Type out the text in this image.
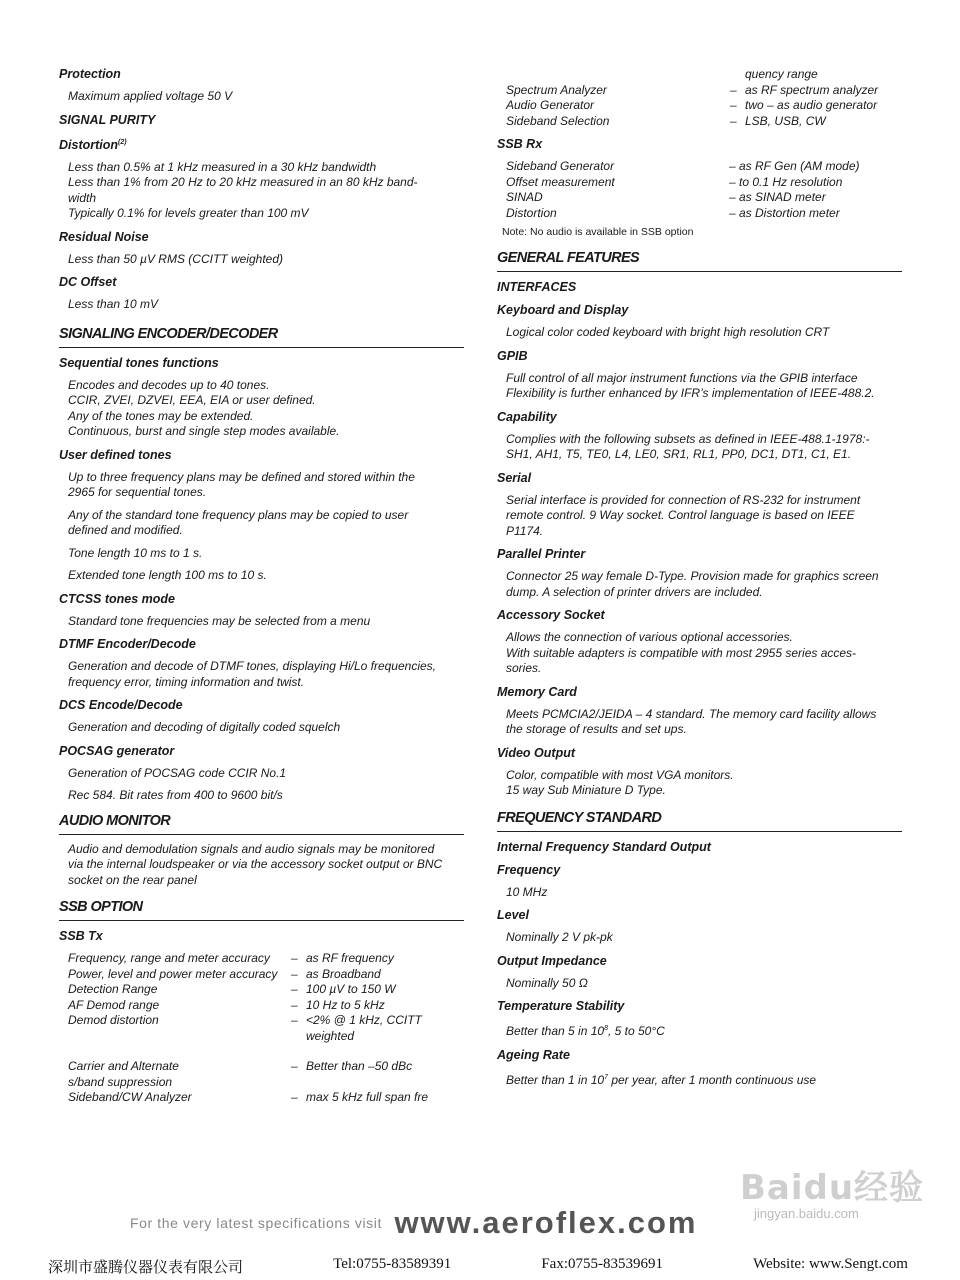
Protection

Maximum applied voltage 50 V

SIGNAL PURITY

Distortion$^{(2)}$

Less than 0.5% at 1 kHz measured in a 30 kHz bandwidth
Less than 1% from 20 Hz to 20 kHz measured in an 80 kHz band-
width
Typically 0.1% for levels greater than 100 mV

Residual Noise

Less than 50 µV RMS (CCITT weighted)

DC Offset

Less than 10 mV

SIGNALING ENCODER/DECODER

Sequential tones functions

Encodes and decodes up to 40 tones.
CCIR, ZVEI, DZVEI, EEA, EIA or user defined.
Any of the tones may be extended.
Continuous, burst and single step modes available.

User defined tones

Up to three frequency plans may be defined and stored within the
2965 for sequential tones.

Any of the standard tone frequency plans may be copied to user
defined and modified.

Tone length 10 ms to 1 s.

Extended tone length 100 ms to 10 s.

CTCSS tones mode

Standard tone frequencies may be selected from a menu

DTMF Encoder/Decode

Generation and decode of DTMF tones, displaying Hi/Lo frequencies,
frequency error, timing information and twist.

DCS Encode/Decode

Generation and decoding of digitally coded squelch

POCSAG generator

Generation of POCSAG code CCIR No.1

Rec 584. Bit rates from 400 to 9600 bit/s

AUDIO MONITOR

Audio and demodulation signals and audio signals may be monitored
via the internal loudspeaker or via the accessory socket output or BNC
socket on the rear panel

SSB OPTION

SSB Tx

Frequency, range and meter accuracy	– as RF frequency
Power, level and power meter accuracy	– as Broadband
Detection Range	– 100 µV to 150 W
AF Demod range	– 10 Hz to 5 kHz
Demod distortion	– <2% @ 1 kHz, CCITT
weighted
Carrier and Alternate	– Better than –50 dBc
s/band suppression
Sideband/CW Analyzer	– max 5 kHz full span fre
quency range
Spectrum Analyzer	– as RF spectrum analyzer
Audio Generator	– two – as audio generator
Sideband Selection	– LSB, USB, CW

SSB Rx

Sideband Generator	– as RF Gen (AM mode)
Offset measurement	– to 0.1 Hz resolution
SINAD	– as SINAD meter
Distortion	– as Distortion meter
Note: No audio is available in SSB option
GENERAL FEATURES

INTERFACES

Keyboard and Display

Logical color coded keyboard with bright high resolution CRT

GPIB

Full control of all major instrument functions via the GPIB interface
Flexibility is further enhanced by IFR’s implementation of IEEE-488.2.

Capability

Complies with the following subsets as defined in IEEE-488.1-1978:-
SH1, AH1, T5, TE0, L4, LE0, SR1, RL1, PP0, DC1, DT1, C1, E1.

Serial

Serial interface is provided for connection of RS-232 for instrument
remote control. 9 Way socket. Control language is based on IEEE
P1174.

Parallel Printer

Connector 25 way female D-Type. Provision made for graphics screen
dump. A selection of printer drivers are included.

Accessory Socket

Allows the connection of various optional accessories.
With suitable adapters is compatible with most 2955 series acces-
sories.

Memory Card

Meets PCMCIA2/JEIDA – 4 standard. The memory card facility allows
the storage of results and set ups.

Video Output

Color, compatible with most VGA monitors.
15 way Sub Miniature D Type.

FREQUENCY STANDARD

Internal Frequency Standard Output

Frequency

10 MHz

Level

Nominally 2 V pk-pk

Output Impedance

Nominally 50 Ω

Temperature Stability

Better than 5 in $10^8$, 5 to 50°C

Ageing Rate

Better than 1 in $10^7$ per year, after 1 month continuous use

Baidu经验
jingyan.baidu.com
For the very latest specifications visit www.aeroflex.com
深圳市盛腾仪器仪表有限公司	Tel:0755-83589391	Fax:0755-83539691	Website: www.Sengt.com
